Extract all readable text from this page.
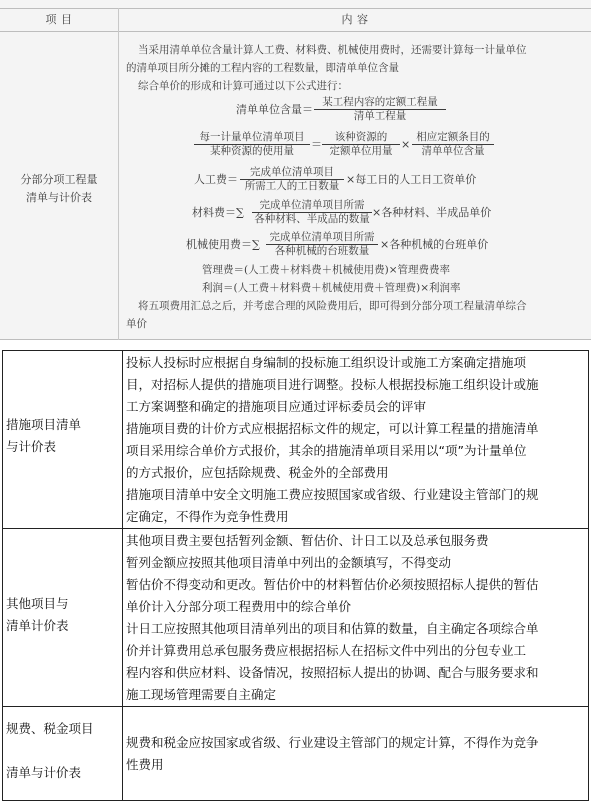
项 目	内 容
分部分项工程量
清单与计价表
当采用清单单位含量计算人工费、材料费、机械使用费时，还需要计算每一计量单位
的清单项目所分摊的工程内容的工程数量，即清单单位含量
综合单价的形成和计算可通过以下公式进行：
清单单位含量＝
某工程内容的定额工程量
清单工程量
每一计量单位清单项目
某种资源的使用量	＝
该种资源的
定额单位用量 ×
相应定额条目的
清单单位含量
人工费＝
完成单位清单项目
所需工人的工日数量 ×每工日的人工日工资单价
材料费＝∑
完成单位清单项目所需
各种材料、半成品的数量 ×各种材料、半成品单价
机械使用费＝∑
完成单位清单项目所需
各种机械的台班数量 ×各种机械的台班单价
管理费＝(人工费＋材料费＋机械使用费)×管理费费率
利润＝(人工费＋材料费＋机械使用费＋管理费)×利润率
将五项费用汇总之后，并考虑合理的风险费用后，即可得到分部分项工程量清单综合
单价
措施项目清单
与计价表

投标人投标时应根据自身编制的投标施工组织设计或施工方案确定措施项

目，对招标人提供的措施项目进行调整。投标人根据投标施工组织设计或施

工方案调整和确定的措施项目应通过评标委员会的评审

措施项目费的计价方式应根据招标文件的规定，可以计算工程量的措施清单

项目采用综合单价方式报价，其余的措施清单项目采用以“项”为计量单位

的方式报价，应包括除规费、税金外的全部费用

措施项目清单中安全文明施工费应按照国家或省级、行业建设主管部门的规

定确定，不得作为竞争性费用

其他项目与
清单计价表

其他项目费主要包括暂列金额、暂估价、计日工以及总承包服务费

暂列金额应按照其他项目清单中列出的金额填写，不得变动

暂估价不得变动和更改。暂估价中的材料暂估价必须按照招标人提供的暂估

单价计入分部分项工程费用中的综合单价

计日工应按照其他项目清单列出的项目和估算的数量，自主确定各项综合单

价并计算费用总承包服务费应根据招标人在招标文件中列出的分包专业工

程内容和供应材料、设备情况，按照招标人提出的协调、配合与服务要求和

施工现场管理需要自主确定

规费、税金项目
清单与计价表

规费和税金应按国家或省级、行业建设主管部门的规定计算，不得作为竞争

性费用
